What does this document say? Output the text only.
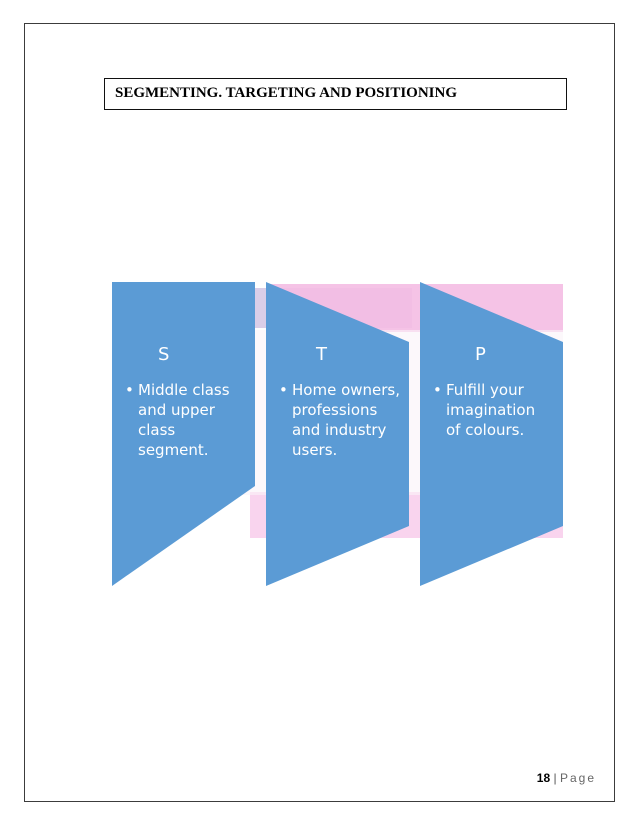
SEGMENTING. TARGETING AND POSITIONING
S
• Middle class and upper class segment.
T
• Home owners, professions and industry users.
P
• Fulfill your imagination of colours.
18 | Page
